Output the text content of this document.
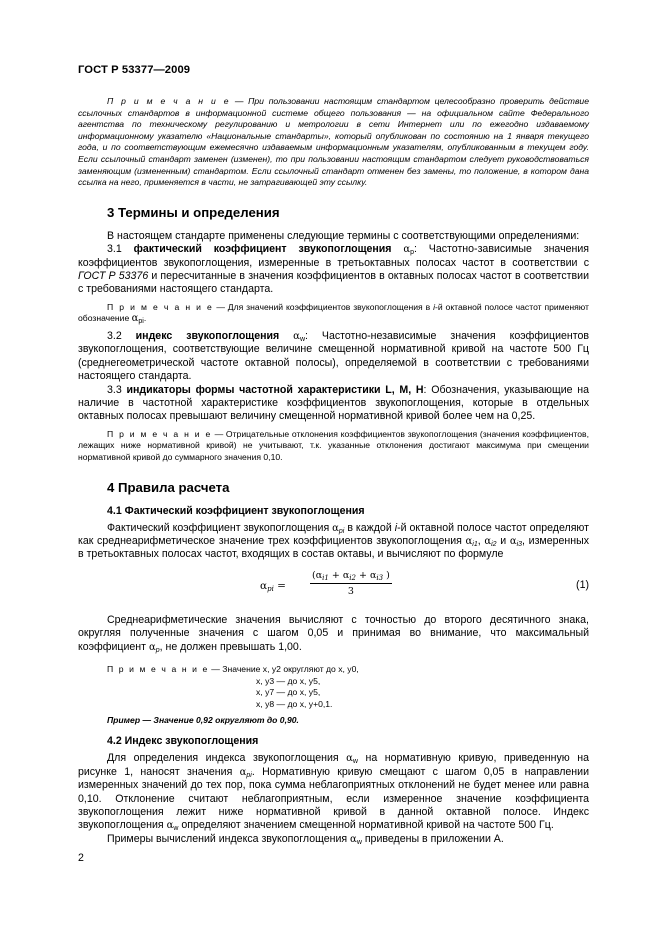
ГОСТ Р 53377—2009

П р и м е ч а н и е — При пользовании настоящим стандартом целесообразно проверить действие ссылочных стандартов в информационной системе общего пользования — на официальном сайте Федерального агентства по техническому регулированию и метрологии в сети Интернет или по ежегодно издаваемому информационному указателю «Национальные стандарты», который опубликован по состоянию на 1 января текущего года, и по соответствующим ежемесячно издаваемым информационным указателям, опубликованным в текущем году. Если ссылочный стандарт заменен (изменен), то при пользовании настоящим стандартом следует руководствоваться заменяющим (измененным) стандартом. Если ссылочный стандарт отменен без замены, то положение, в котором дана ссылка на него, применяется в части, не затрагивающей эту ссылку.

3 Термины и определения

В настоящем стандарте применены следующие термины с соответствующими определениями:

3.1 фактический коэффициент звукопоглощения $\alpha_p$: Частотно-зависимые значения коэффициентов звукопоглощения, измеренные в третьоктавных полосах частот в соответствии с ГОСТ Р 53376 и пересчитанные в значения коэффициентов в октавных полосах частот в соответствии с требованиями настоящего стандарта.

П р и м е ч а н и е — Для значений коэффициентов звукопоглощения в i-й октавной полосе частот применяют обозначение $\alpha_{pi}$.

3.2 индекс звукопоглощения $\alpha_w$: Частотно-независимые значения коэффициентов звукопоглощения, соответствующие величине смещенной нормативной кривой на частоте 500 Гц (среднегеометрической частоте октавной полосы), определяемой в соответствии с требованиями настоящего стандарта.

3.3 индикаторы формы частотной характеристики L, M, H: Обозначения, указывающие на наличие в частотной характеристике коэффициентов звукопоглощения, которые в отдельных октавных полосах превышают величину смещенной нормативной кривой более чем на 0,25.

П р и м е ч а н и е — Отрицательные отклонения коэффициентов звукопоглощения (значения коэффициентов, лежащих ниже нормативной кривой) не учитывают, т.к. указанные отклонения достигают максимума при смещении нормативной кривой до суммарного значения 0,10.

4 Правила расчета
4.1 Фактический коэффициент звукопоглощения

Фактический коэффициент звукопоглощения $\alpha_{pi}$ в каждой i-й октавной полосе частот определяют как среднеарифметическое значение трех коэффициентов звукопоглощения $\alpha_{i1}$, $\alpha_{i2}$ и $\alpha_{i3}$, измеренных в третьоктавных полосах частот, входящих в состав октавы, и вычисляют по формуле

$\alpha_{pi}$ =	$\frac{(\alpha_{i1} + \alpha_{i2} + \alpha_{i3} )}{3}$	(1)

Среднеарифметические значения вычисляют с точностью до второго десятичного знака, округляя полученные значения с шагом 0,05 и принимая во внимание, что максимальный коэффициент $\alpha_p$, не должен превышать 1,00.

П р и м е ч а н и е — Значение x, y2 округляют до x, y0,

x, y3 — до x, y5,
x, y7 — до x, y5,
x, y8 — до x, y+0,1.

Пример — Значение 0,92 округляют до 0,90.

4.2 Индекс звукопоглощения

Для определения индекса звукопоглощения $\alpha_w$ на нормативную кривую, приведенную на рисунке 1, наносят значения $\alpha_{pi}$. Нормативную кривую смещают с шагом 0,05 в направлении измеренных значений до тех пор, пока сумма неблагоприятных отклонений не будет менее или равна 0,10. Отклонение считают неблагоприятным, если измеренное значение коэффициента звукопоглощения лежит ниже нормативной кривой в данной октавной полосе. Индекс звукопоглощения $\alpha_w$ определяют значением смещенной нормативной кривой на частоте 500 Гц.

Примеры вычислений индекса звукопоглощения $\alpha_w$ приведены в приложении А.

2
